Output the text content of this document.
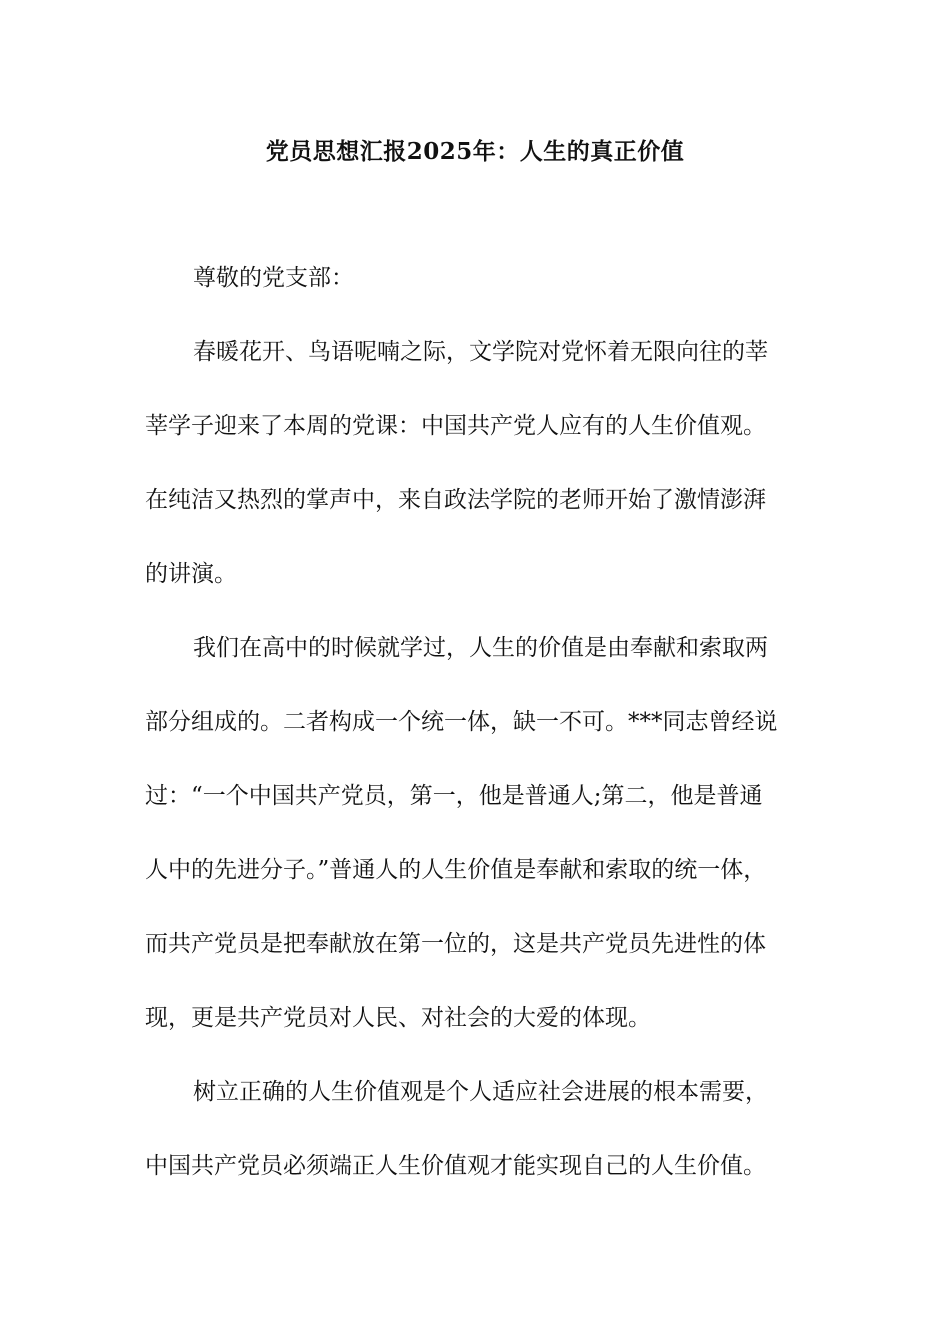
党员思想汇报2025年：人生的真正价值
尊敬的党支部：
春暖花开、鸟语呢喃之际，文学院对党怀着无限向往的莘
莘学子迎来了本周的党课：中国共产党人应有的人生价值观。
在纯洁又热烈的掌声中，来自政法学院的老师开始了激情澎湃
的讲演。
我们在高中的时候就学过，人生的价值是由奉献和索取两
部分组成的。二者构成一个统一体，缺一不可。***同志曾经说
过：“一个中国共产党员，第一，他是普通人;第二，他是普通
人中的先进分子。”普通人的人生价值是奉献和索取的统一体，
而共产党员是把奉献放在第一位的，这是共产党员先进性的体
现，更是共产党员对人民、对社会的大爱的体现。
树立正确的人生价值观是个人适应社会进展的根本需要，
中国共产党员必须端正人生价值观才能实现自己的人生价值。
